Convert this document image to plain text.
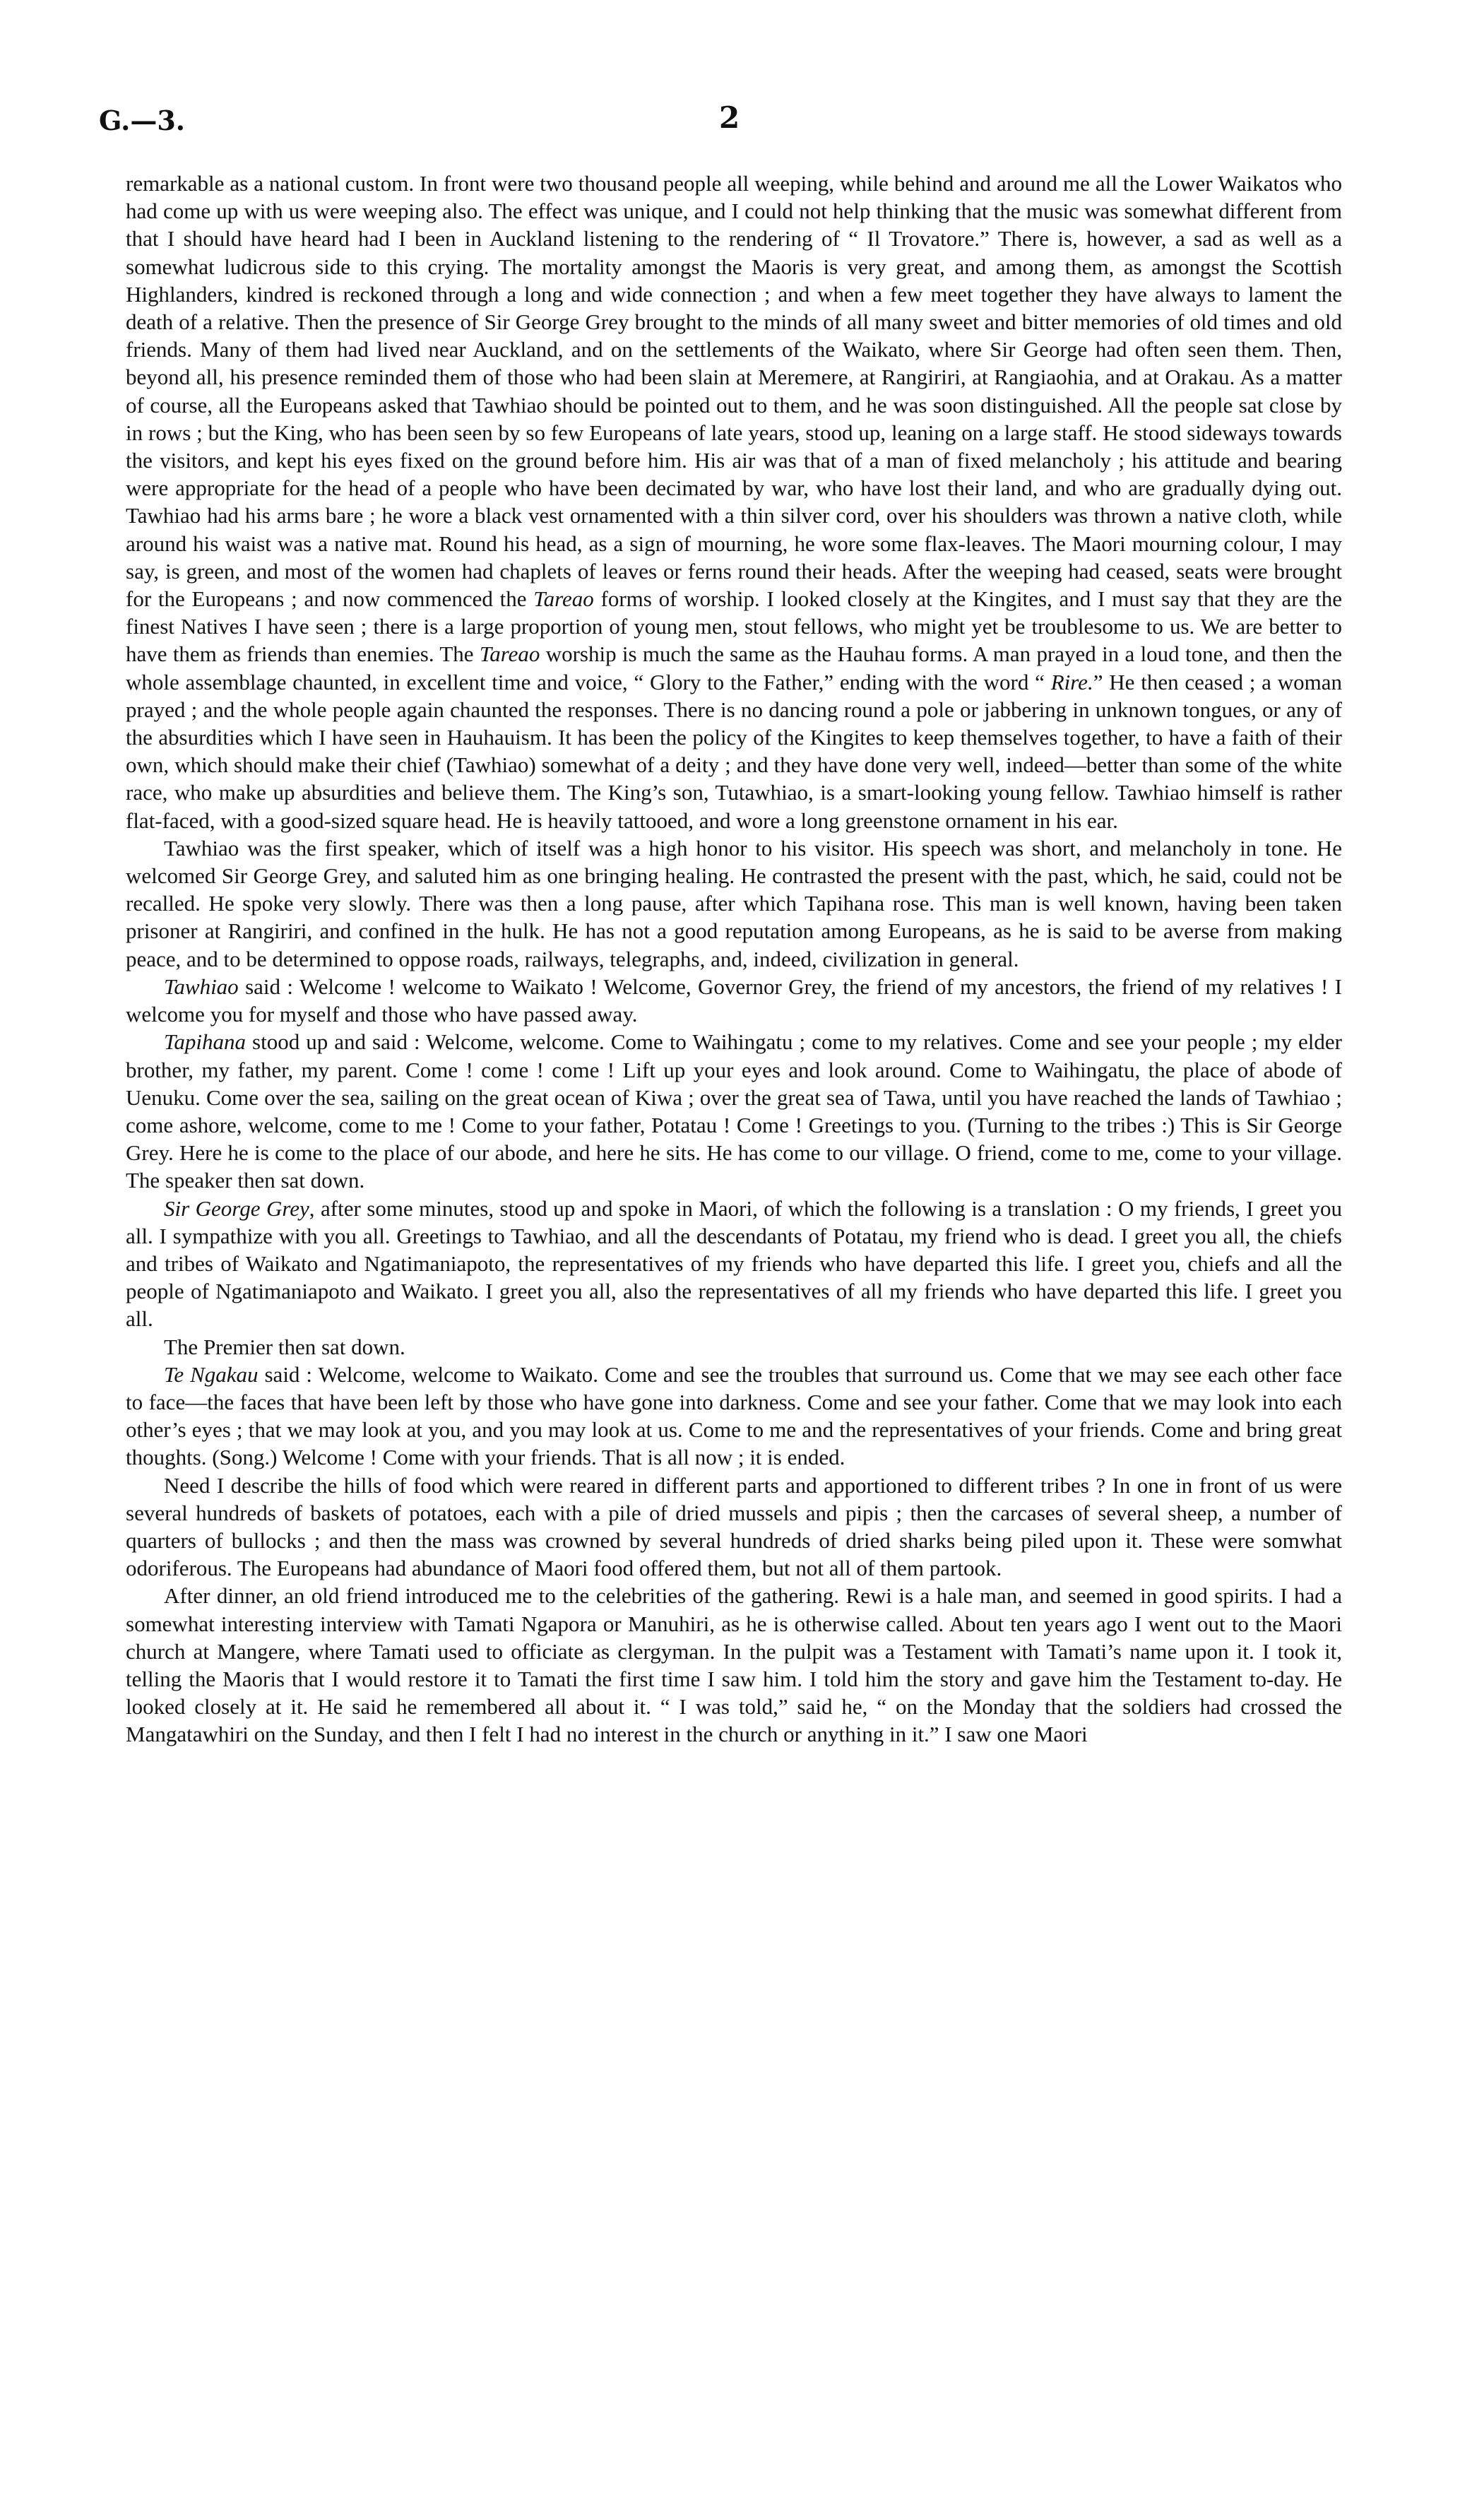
G.—3.	2

remarkable as a national custom. In front were two thousand people all weeping, while behind and around me all the Lower Waikatos who had come up with us were weeping also. The effect was unique, and I could not help thinking that the music was somewhat different from that I should have heard had I been in Auckland listening to the rendering of “ Il Trovatore.” There is, however, a sad as well as a somewhat ludicrous side to this crying. The mortality amongst the Maoris is very great, and among them, as amongst the Scottish Highlanders, kindred is reckoned through a long and wide connection ; and when a few meet together they have always to lament the death of a relative. Then the presence of Sir George Grey brought to the minds of all many sweet and bitter memories of old times and old friends. Many of them had lived near Auckland, and on the settlements of the Waikato, where Sir George had often seen them. Then, beyond all, his presence reminded them of those who had been slain at Meremere, at Rangiriri, at Rangiaohia, and at Orakau. As a matter of course, all the Europeans asked that Tawhiao should be pointed out to them, and he was soon distinguished. All the people sat close by in rows ; but the King, who has been seen by so few Europeans of late years, stood up, leaning on a large staff. He stood sideways towards the visitors, and kept his eyes fixed on the ground before him. His air was that of a man of fixed melancholy ; his attitude and bearing were appropriate for the head of a people who have been decimated by war, who have lost their land, and who are gradually dying out. Tawhiao had his arms bare ; he wore a black vest ornamented with a thin silver cord, over his shoulders was thrown a native cloth, while around his waist was a native mat. Round his head, as a sign of mourning, he wore some flax-leaves. The Maori mourning colour, I may say, is green, and most of the women had chaplets of leaves or ferns round their heads. After the weeping had ceased, seats were brought for the Europeans ; and now commenced the Tareao forms of worship. I looked closely at the Kingites, and I must say that they are the finest Natives I have seen ; there is a large proportion of young men, stout fellows, who might yet be troublesome to us. We are better to have them as friends than enemies. The Tareao worship is much the same as the Hauhau forms. A man prayed in a loud tone, and then the whole assemblage chaunted, in excellent time and voice, “ Glory to the Father,” ending with the word “ Rire.” He then ceased ; a woman prayed ; and the whole people again chaunted the responses. There is no dancing round a pole or jabbering in unknown tongues, or any of the absurdities which I have seen in Hauhauism. It has been the policy of the Kingites to keep themselves together, to have a faith of their own, which should make their chief (Tawhiao) somewhat of a deity ; and they have done very well, indeed—better than some of the white race, who make up absurdities and believe them. The King’s son, Tutawhiao, is a smart-looking young fellow. Tawhiao himself is rather flat-faced, with a good-sized square head. He is heavily tattooed, and wore a long greenstone ornament in his ear.

Tawhiao was the first speaker, which of itself was a high honor to his visitor. His speech was short, and melancholy in tone. He welcomed Sir George Grey, and saluted him as one bringing healing. He contrasted the present with the past, which, he said, could not be recalled. He spoke very slowly. There was then a long pause, after which Tapihana rose. This man is well known, having been taken prisoner at Rangiriri, and confined in the hulk. He has not a good reputation among Europeans, as he is said to be averse from making peace, and to be determined to oppose roads, railways, telegraphs, and, indeed, civilization in general.

Tawhiao said : Welcome ! welcome to Waikato ! Welcome, Governor Grey, the friend of my ancestors, the friend of my relatives ! I welcome you for myself and those who have passed away.

Tapihana stood up and said : Welcome, welcome. Come to Waihingatu ; come to my relatives. Come and see your people ; my elder brother, my father, my parent. Come ! come ! come ! Lift up your eyes and look around. Come to Waihingatu, the place of abode of Uenuku. Come over the sea, sailing on the great ocean of Kiwa ; over the great sea of Tawa, until you have reached the lands of Tawhiao ; come ashore, welcome, come to me ! Come to your father, Potatau ! Come ! Greetings to you. (Turning to the tribes :) This is Sir George Grey. Here he is come to the place of our abode, and here he sits. He has come to our village. O friend, come to me, come to your village. The speaker then sat down.

Sir George Grey, after some minutes, stood up and spoke in Maori, of which the following is a translation : O my friends, I greet you all. I sympathize with you all. Greetings to Tawhiao, and all the descendants of Potatau, my friend who is dead. I greet you all, the chiefs and tribes of Waikato and Ngatimaniapoto, the representatives of my friends who have departed this life. I greet you, chiefs and all the people of Ngatimaniapoto and Waikato. I greet you all, also the representatives of all my friends who have departed this life. I greet you all.

The Premier then sat down.

Te Ngakau said : Welcome, welcome to Waikato. Come and see the troubles that surround us. Come that we may see each other face to face—the faces that have been left by those who have gone into darkness. Come and see your father. Come that we may look into each other’s eyes ; that we may look at you, and you may look at us. Come to me and the representatives of your friends. Come and bring great thoughts. (Song.) Welcome ! Come with your friends. That is all now ; it is ended.

Need I describe the hills of food which were reared in different parts and apportioned to different tribes ? In one in front of us were several hundreds of baskets of potatoes, each with a pile of dried mussels and pipis ; then the carcases of several sheep, a number of quarters of bullocks ; and then the mass was crowned by several hundreds of dried sharks being piled upon it. These were somwhat odoriferous. The Europeans had abundance of Maori food offered them, but not all of them partook.

After dinner, an old friend introduced me to the celebrities of the gathering. Rewi is a hale man, and seemed in good spirits. I had a somewhat interesting interview with Tamati Ngapora or Manuhiri, as he is otherwise called. About ten years ago I went out to the Maori church at Mangere, where Tamati used to officiate as clergyman. In the pulpit was a Testament with Tamati’s name upon it. I took it, telling the Maoris that I would restore it to Tamati the first time I saw him. I told him the story and gave him the Testament to-day. He looked closely at it. He said he remembered all about it. “ I was told,” said he, “ on the Monday that the soldiers had crossed the Mangatawhiri on the Sunday, and then I felt I had no interest in the church or anything in it.” I saw one Maori
